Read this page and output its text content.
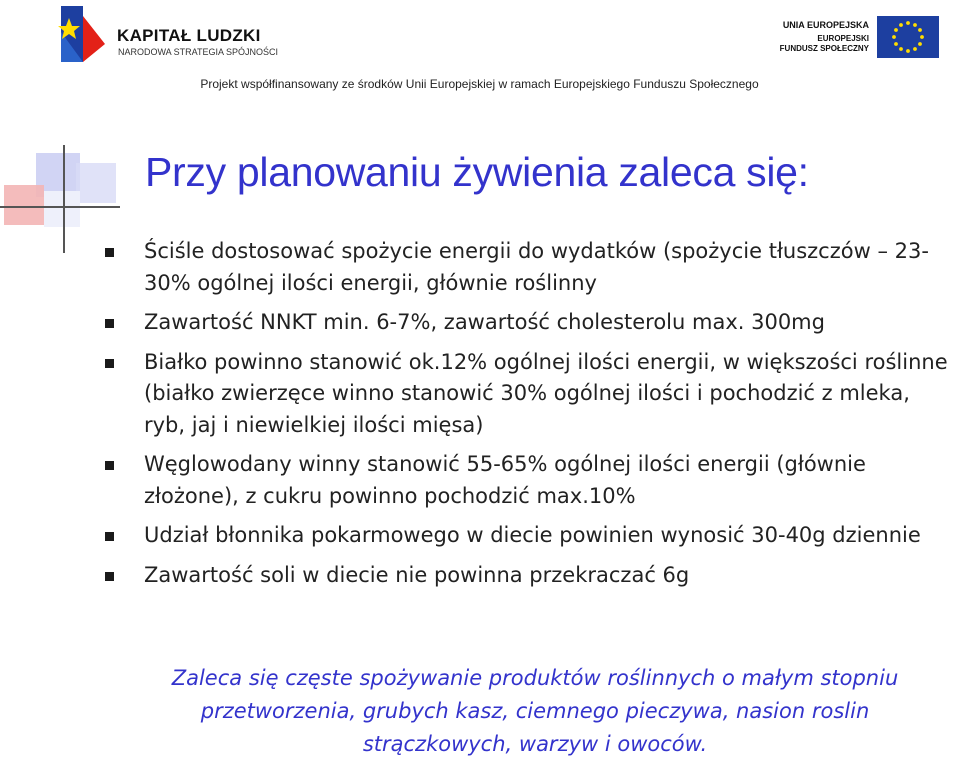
KAPITAŁ LUDZKI
NARODOWA STRATEGIA SPÓJNOŚCI
UNIA EUROPEJSKA
EUROPEJSKI
FUNDUSZ SPOŁECZNY
Projekt współfinansowany ze środków Unii Europejskiej w ramach Europejskiego Funduszu Społecznego
Przy planowaniu żywienia zaleca się:
Ściśle dostosować spożycie energii do wydatków (spożycie tłuszczów – 23-30% ogólnej ilości energii, głównie roślinny
Zawartość NNKT min. 6-7%, zawartość cholesterolu max. 300mg
Białko powinno stanowić ok.12% ogólnej ilości energii, w większości roślinne (białko zwierzęce winno stanowić 30% ogólnej ilości i pochodzić z mleka, ryb, jaj i niewielkiej ilości mięsa)
Węglowodany winny stanowić 55-65% ogólnej ilości energii (głównie złożone), z cukru powinno pochodzić max.10%
Udział błonnika pokarmowego w diecie powinien wynosić 30-40g dziennie
Zawartość soli w diecie nie powinna przekraczać 6g
Zaleca się częste spożywanie produktów roślinnych o małym stopniu przetworzenia, grubych kasz, ciemnego pieczywa, nasion roslin strączkowych, warzyw i owoców.
